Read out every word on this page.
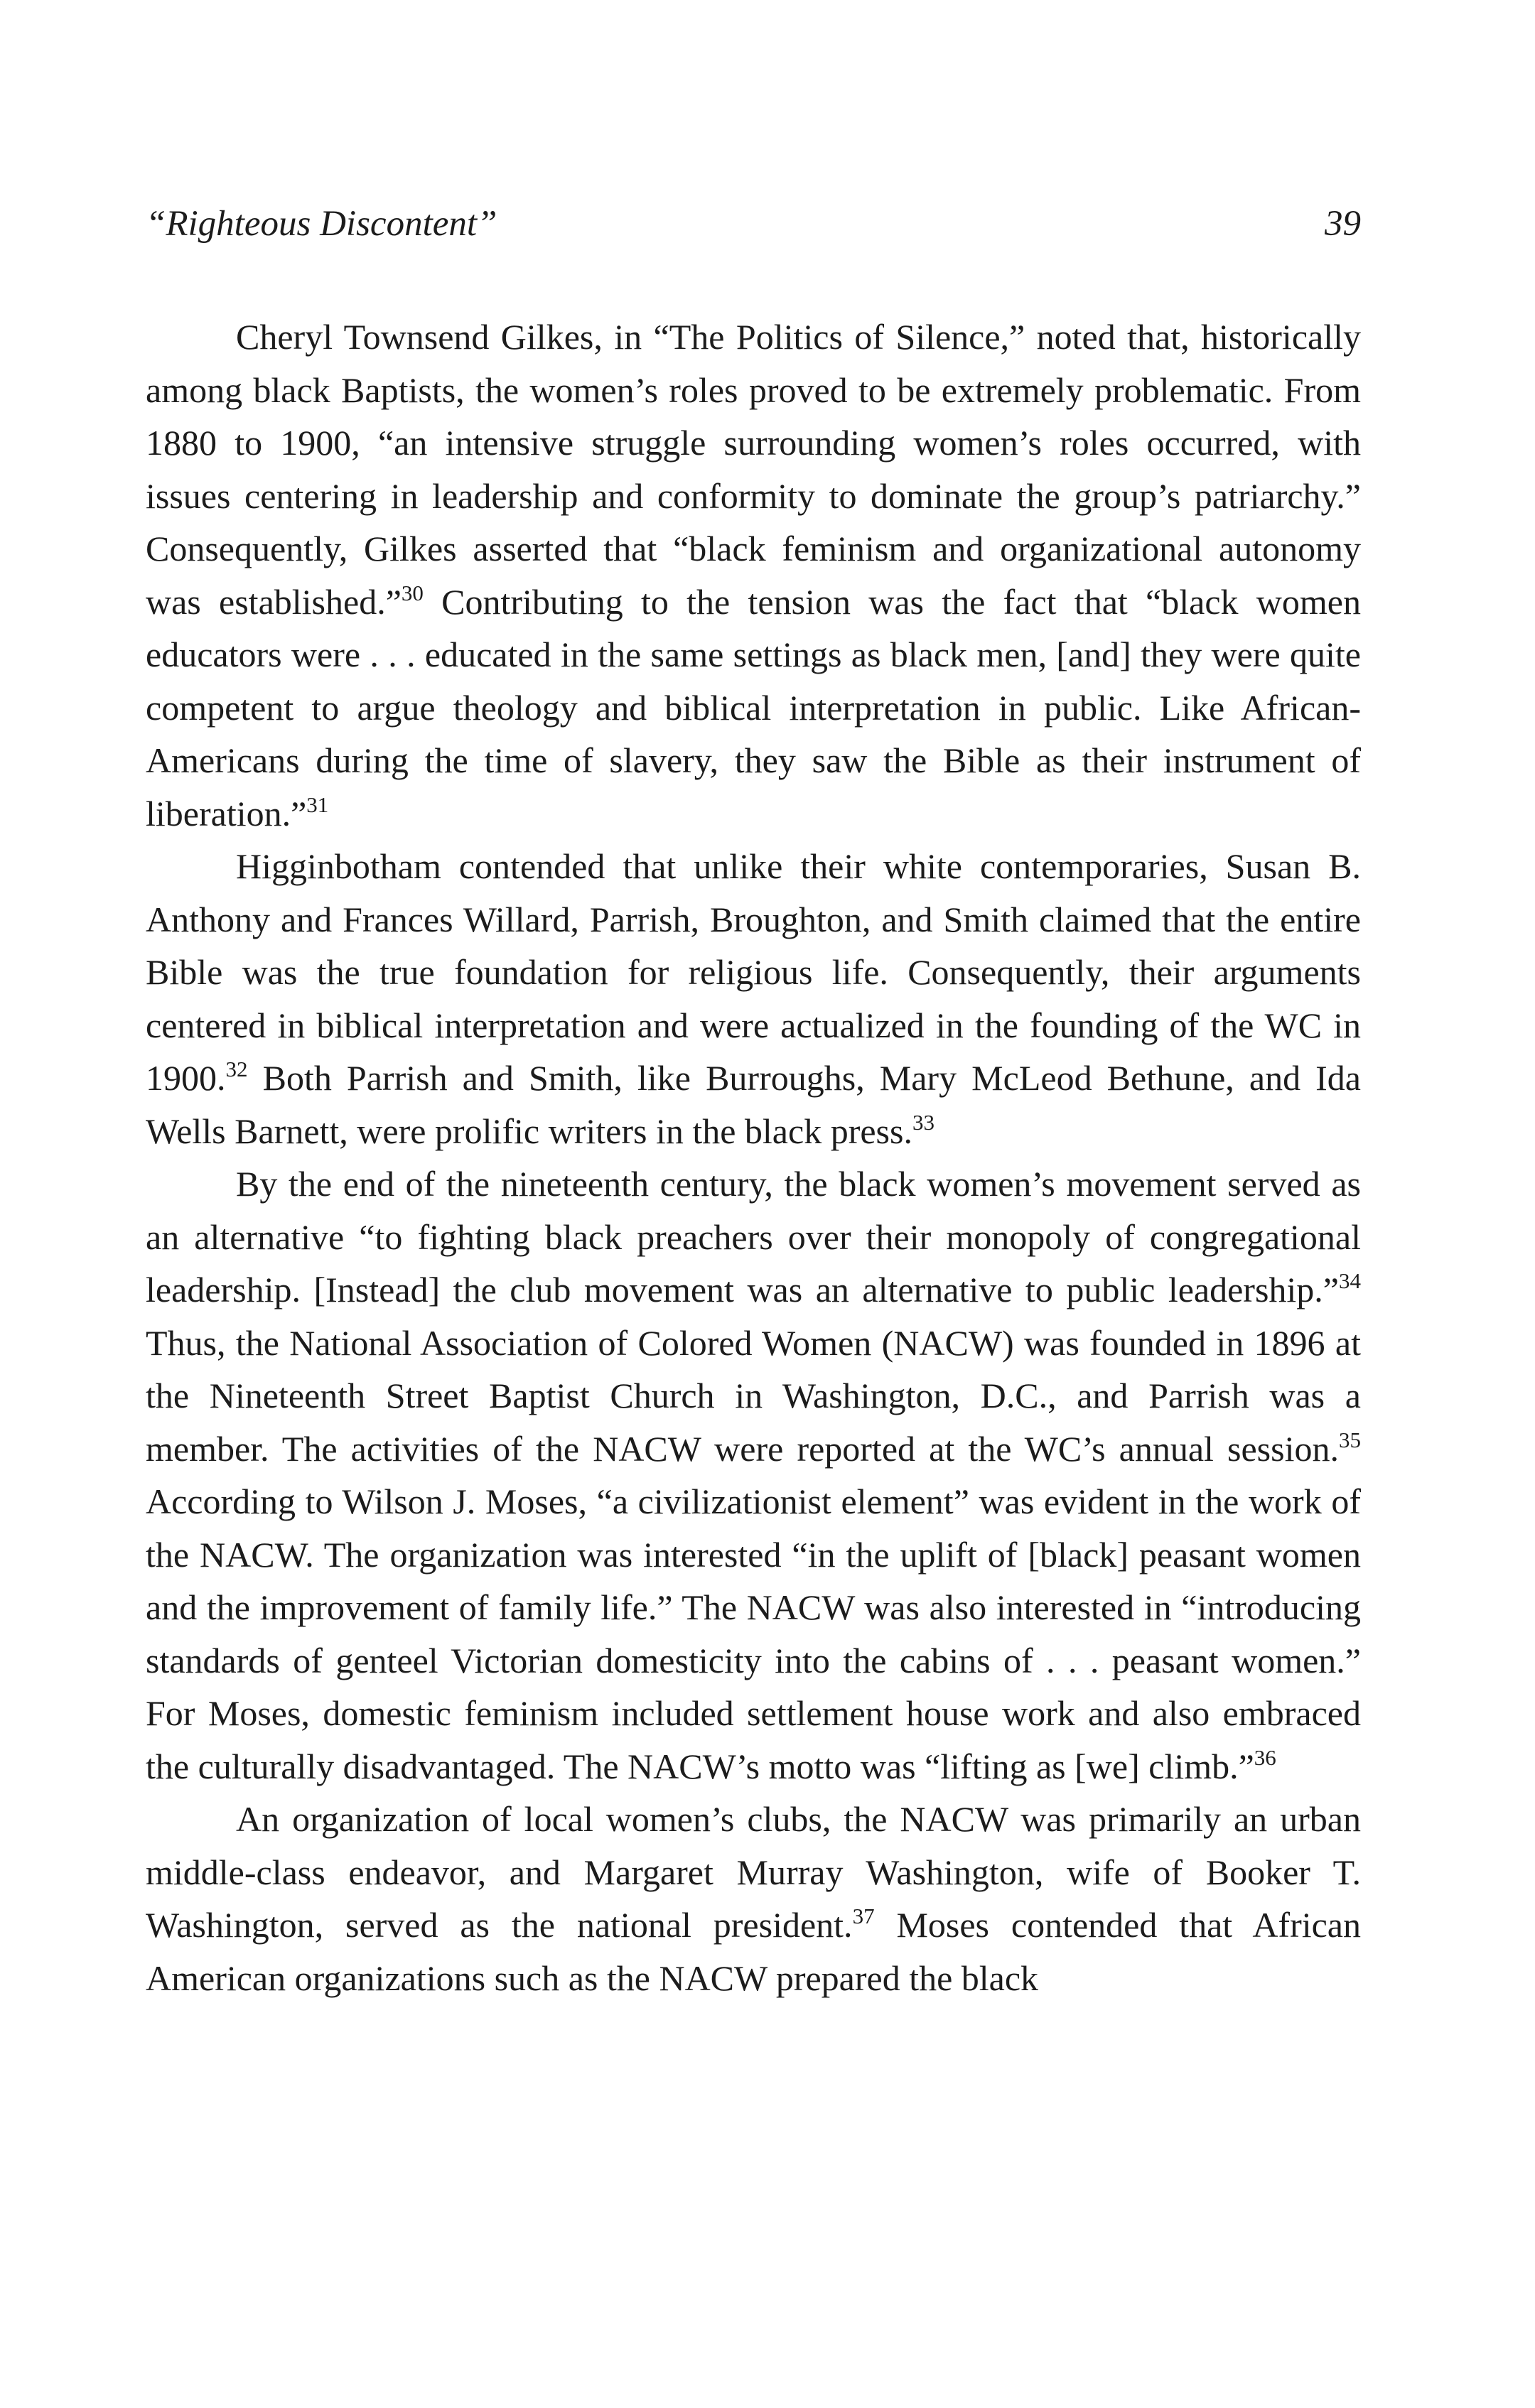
“Righteous Discontent”	39

Cheryl Townsend Gilkes, in “The Politics of Silence,” noted that, historically among black Baptists, the women’s roles proved to be extremely problematic. From 1880 to 1900, “an intensive struggle surrounding women’s roles occurred, with issues centering in leadership and conformity to dominate the group’s patriarchy.” Consequently, Gilkes asserted that “black feminism and organizational autonomy was established.”$^{30}$ Contributing to the tension was the fact that “black women educators were . . . educated in the same settings as black men, [and] they were quite competent to argue theology and biblical interpretation in public. Like African-Americans during the time of slavery, they saw the Bible as their instrument of liberation.”$^{31}$

Higginbotham contended that unlike their white contemporaries, Susan B. Anthony and Frances Willard, Parrish, Broughton, and Smith claimed that the entire Bible was the true foundation for religious life. Consequently, their arguments centered in biblical interpretation and were actualized in the founding of the WC in 1900.32 Both Parrish and Smith, like Burroughs, Mary McLeod Bethune, and Ida Wells Barnett, were prolific writers in the black press.$^{33}$

By the end of the nineteenth century, the black women’s movement served as an alternative “to fighting black preachers over their monopoly of congregational leadership. [Instead] the club movement was an alternative to public leadership.”$^{34}$ Thus, the National Association of Colored Women (NACW) was founded in 1896 at the Nineteenth Street Baptist Church in Washington, D.C., and Parrish was a member. The activities of the NACW were reported at the WC’s annual session.$^{35}$ According to Wilson J. Moses, “a civilizationist element” was evident in the work of the NACW. The organization was interested “in the uplift of [black] peasant women and the improvement of family life.” The NACW was also interested in “introducing standards of genteel Victorian domesticity into the cabins of . . . peasant women.” For Moses, domestic feminism included settlement house work and also embraced the culturally disadvantaged. The NACW’s motto was “lifting as [we] climb.”$^{36}$

An organization of local women’s clubs, the NACW was primarily an urban middle-class endeavor, and Margaret Murray Washington, wife of Booker T. Washington, served as the national president.$^{37}$ Moses contended that African American organizations such as the NACW prepared the black
